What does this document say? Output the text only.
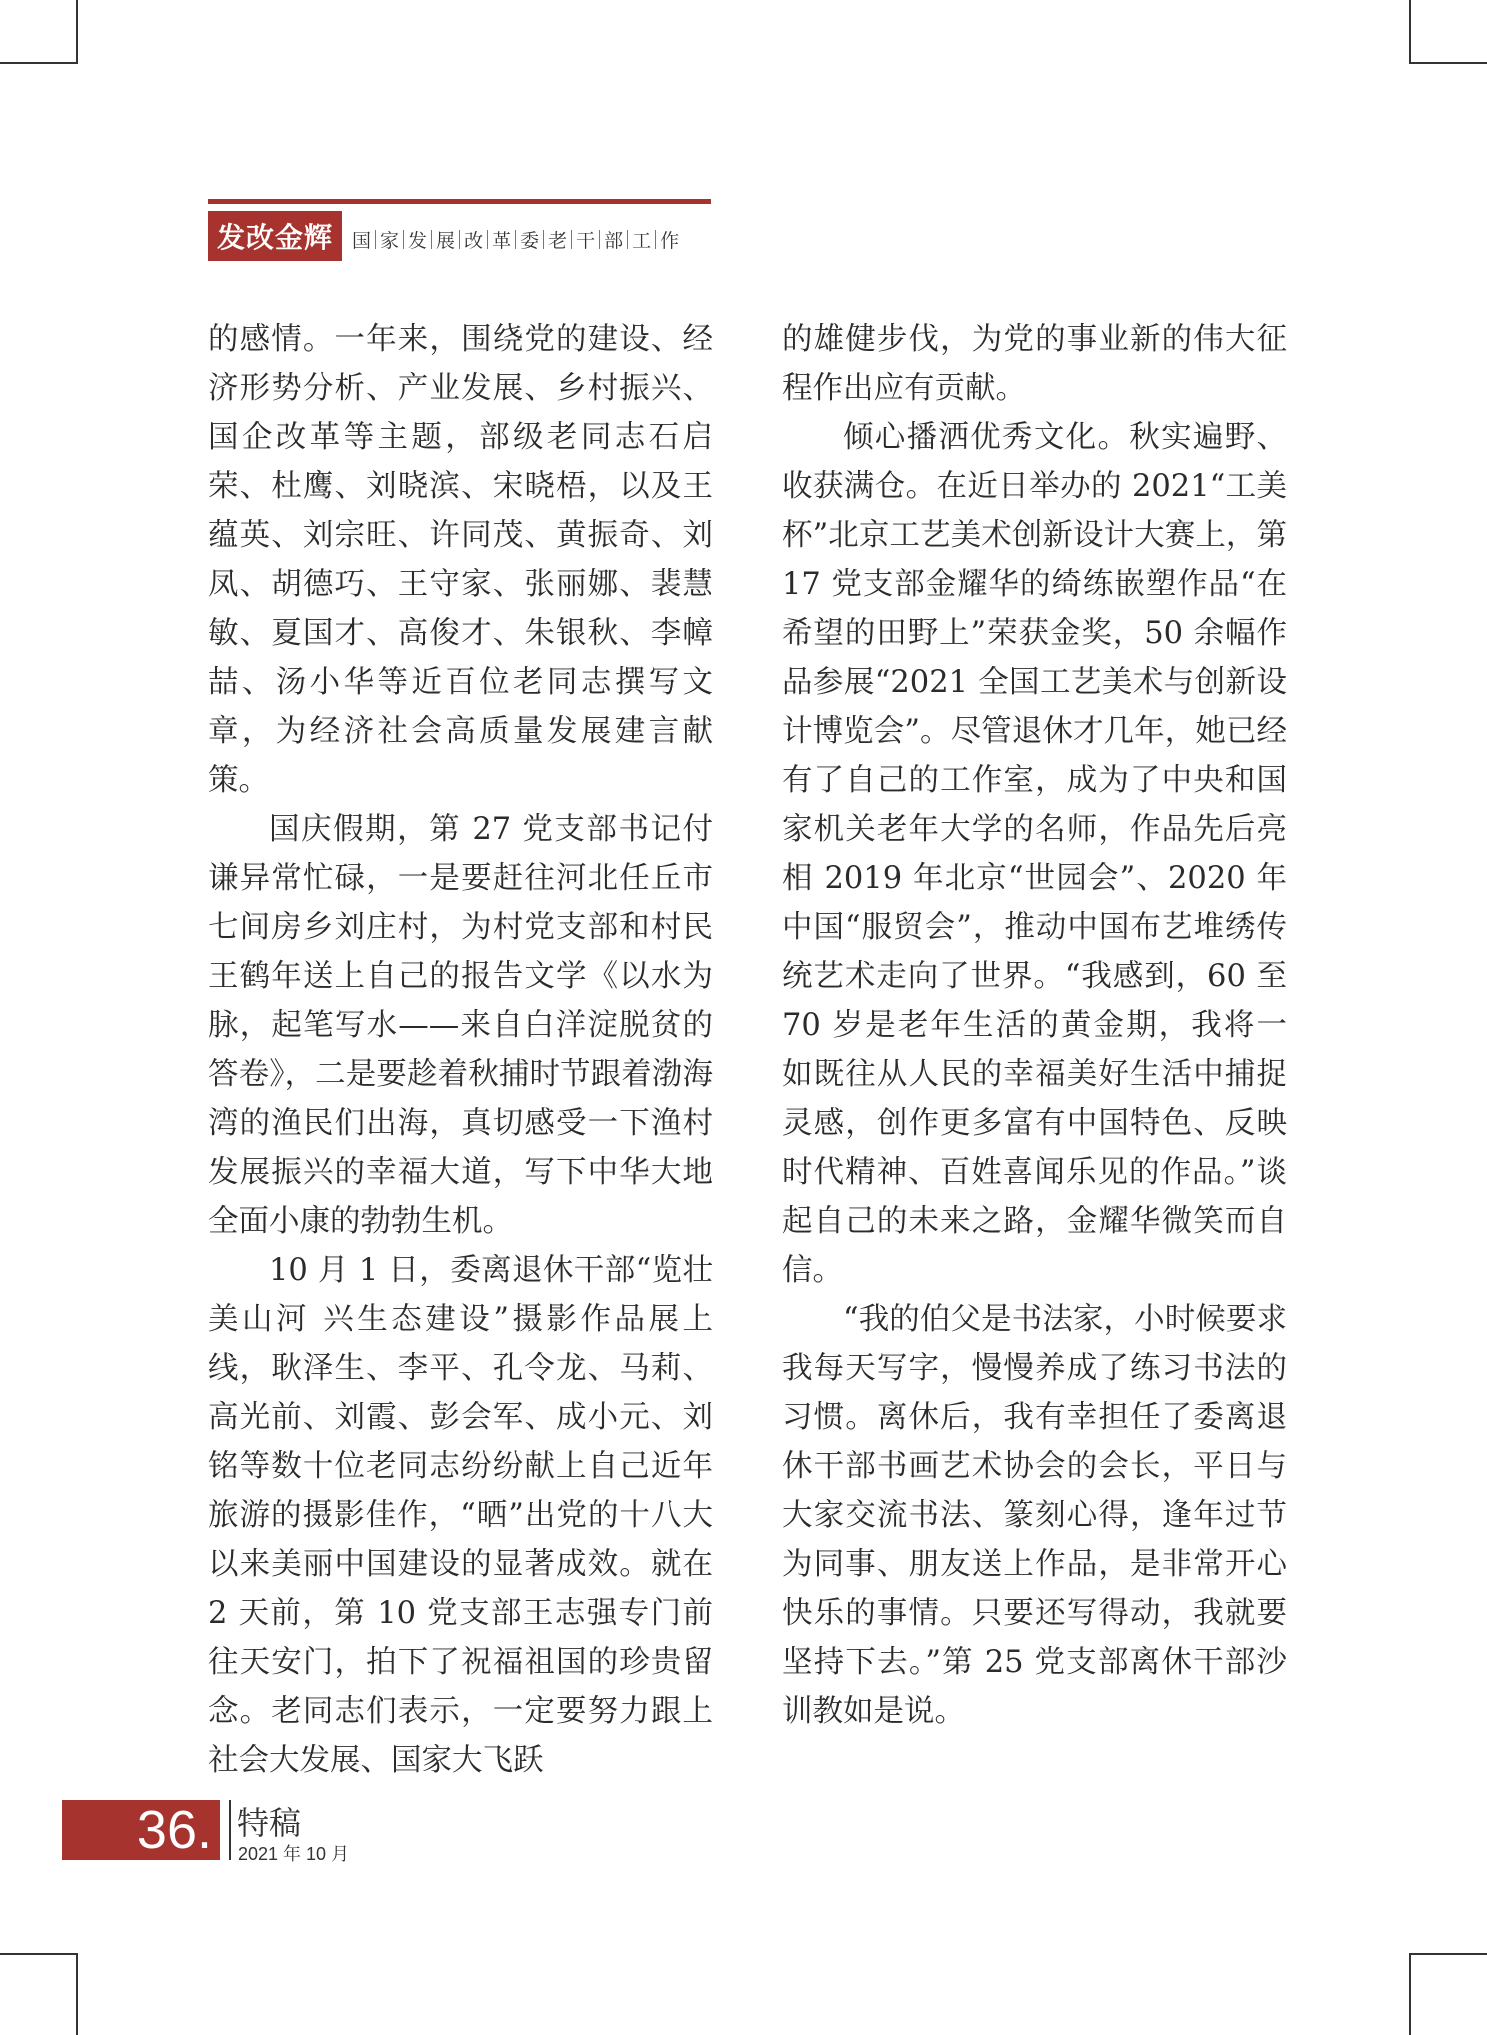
发改金辉 国 家 发 展 改 革 委 老 干 部 工 作

的感情。一年来，围绕党的建设、经济形势分析、产业发展、乡村振兴、国企改革等主题，部级老同志石启荣、杜鹰、刘晓滨、宋晓梧，以及王蕴英、刘宗旺、许同茂、黄振奇、刘凤、胡德巧、王守家、张丽娜、裴慧敏、夏国才、高俊才、朱银秋、李幛喆、汤小华等近百位老同志撰写文章，为经济社会高质量发展建言献策。

国庆假期，第 27 党支部书记付谦异常忙碌，一是要赶往河北任丘市七间房乡刘庄村，为村党支部和村民王鹤年送上自己的报告文学《以水为脉，起笔写水——来自白洋淀脱贫的答卷》，二是要趁着秋捕时节跟着渤海湾的渔民们出海，真切感受一下渔村发展振兴的幸福大道，写下中华大地全面小康的勃勃生机。

10 月 1 日，委离退休干部“览壮美山河 兴生态建设”摄影作品展上线，耿泽生、李平、孔令龙、马莉、高光前、刘霞、彭会军、成小元、刘铭等数十位老同志纷纷献上自己近年旅游的摄影佳作，“晒”出党的十八大以来美丽中国建设的显著成效。就在 2 天前，第 10 党支部王志强专门前往天安门，拍下了祝福祖国的珍贵留念。老同志们表示，一定要努力跟上社会大发展、国家大飞跃

的雄健步伐，为党的事业新的伟大征程作出应有贡献。

倾心播洒优秀文化。秋实遍野、收获满仓。在近日举办的 2021“工美杯”北京工艺美术创新设计大赛上，第 17 党支部金耀华的绮练嵌塑作品“在希望的田野上”荣获金奖，50 余幅作品参展“2021 全国工艺美术与创新设计博览会”。尽管退休才几年，她已经有了自己的工作室，成为了中央和国家机关老年大学的名师，作品先后亮相 2019 年北京“世园会”、2020 年中国“服贸会”，推动中国布艺堆绣传统艺术走向了世界。“我感到，60 至 70 岁是老年生活的黄金期，我将一如既往从人民的幸福美好生活中捕捉灵感，创作更多富有中国特色、反映时代精神、百姓喜闻乐见的作品。”谈起自己的未来之路，金耀华微笑而自信。

“我的伯父是书法家，小时候要求我每天写字，慢慢养成了练习书法的习惯。离休后，我有幸担任了委离退休干部书画艺术协会的会长，平日与大家交流书法、篆刻心得，逢年过节为同事、朋友送上作品，是非常开心快乐的事情。只要还写得动，我就要坚持下去。”第 25 党支部离休干部沙训教如是说。

36. 特稿
2021 年 10 月
